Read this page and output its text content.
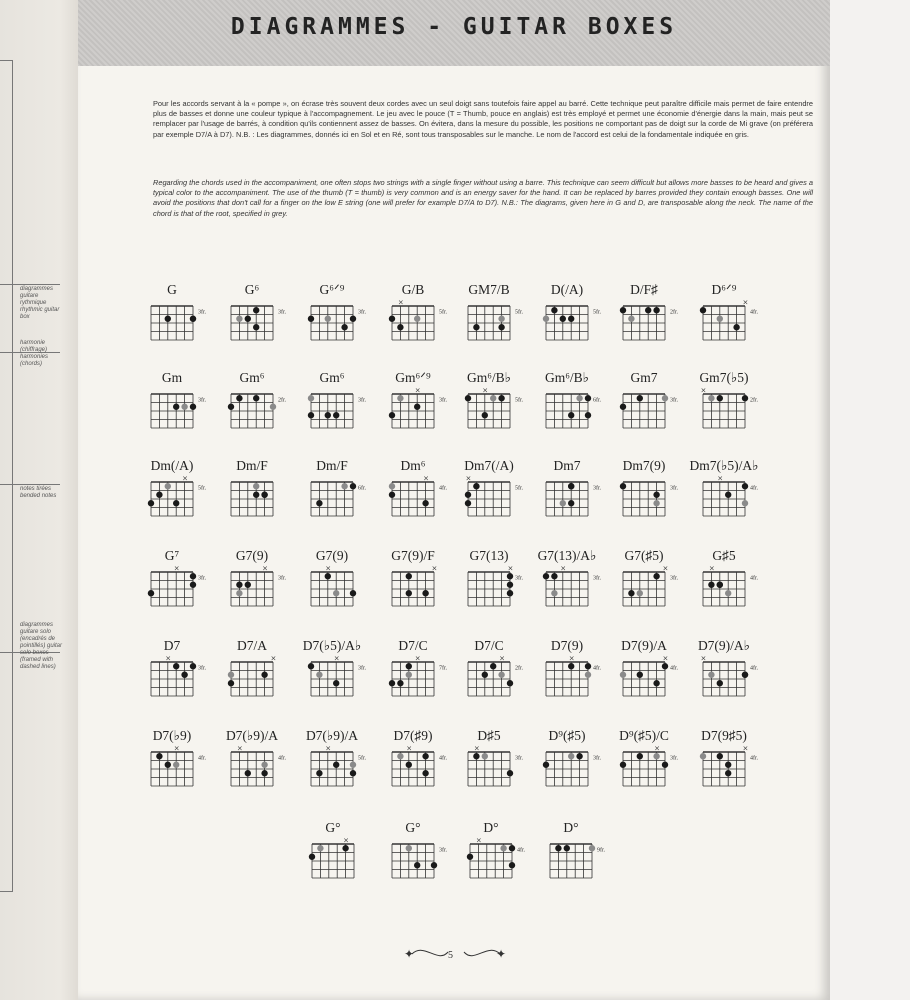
diagrammes guitare rythmique rhythmic guitar box
harmonie (chiffrage) harmonies (chords)
notes tirées bended notes
diagrammes guitare solo (encadrés de pointillés) guitar solo boxes (framed with dashed lines)
DIAGRAMMES - GUITAR BOXES

Pour les accords servant à la « pompe », on écrase très souvent deux cordes avec un seul doigt sans toutefois faire appel au barré. Cette technique peut paraître difficile mais permet de faire entendre plus de basses et donne une couleur typique à l'accompagnement. Le jeu avec le pouce (T = Thumb, pouce en anglais) est très employé et permet une économie d'énergie dans la main, mais peut se remplacer par l'usage de barrés, à condition qu'ils contiennent assez de basses. On évitera, dans la mesure du possible, les positions ne comportant pas de doigt sur la corde de Mi grave (on préférera par exemple D7/A à D7). N.B. : Les diagrammes, donnés ici en Sol et en Ré, sont tous transposables sur le manche. Le nom de l'accord est celui de la fondamentale indiquée en gris.

Regarding the chords used in the accompaniment, one often stops two strings with a single finger without using a barre. This technique can seem difficult but allows more basses to be heard and gives a typical color to the accompaniment. The use of the thumb (T = thumb) is very common and is an energy saver for the hand. It can be replaced by barres provided they contain enough basses. One will avoid the positions that don't call for a finger on the low E string (one will prefer for example D7/A to D7). N.B.: The diagrams, given here in G and D, are transposable along the neck. The name of the chord is that of the root, specified in grey.

G
3fr.
G⁶
3fr.
G⁶ᐟ⁹
3fr.
G/B
×
5fr.
GM7/B
5fr.
D(/A)
5fr.
D/F♯
2fr.
D⁶ᐟ⁹
×
4fr.
Gm
3fr.
Gm⁶
2fr.
Gm⁶
3fr.
Gm⁶ᐟ⁹
×
3fr.
Gm⁶/B♭
×
5fr.
Gm⁶/B♭
6fr.
Gm7
3fr.
Gm7(♭5)
×
2fr.
Dm(/A)
×
5fr.
Dm/F	Dm/F
6fr.
Dm⁶
×
4fr.
Dm7(/A)
×
5fr.
Dm7
3fr.
Dm7(9)
3fr.
Dm7(♭5)/A♭
×
4fr.
G⁷
×
3fr.
G7(9)
×
3fr.
G7(9)
×
G7(9)/F
×
G7(13)
×
3fr.
G7(13)/A♭
×
3fr.
G7(♯5)
×
3fr.
G♯5
×
4fr.
D7
×
3fr.
D7/A
×
D7(♭5)/A♭
×
3fr.
D7/C
×
7fr.
D7/C
×
2fr.
D7(9)
×
4fr.
D7(9)/A
×
4fr.
D7(9)/A♭
×
4fr.
D7(♭9)
×
4fr.
D7(♭9)/A
×
4fr.
D7(♭9)/A
×
5fr.
D7(♯9)
×
4fr.
D♯5
×
3fr.
D⁹(♯5)
3fr.
D⁹(♯5)/C
×
3fr.
D7(9♯5)
×
4fr.
G°
×
G°
3fr.
D°
×
4fr.
D°
9fr.
✦	✦
5
